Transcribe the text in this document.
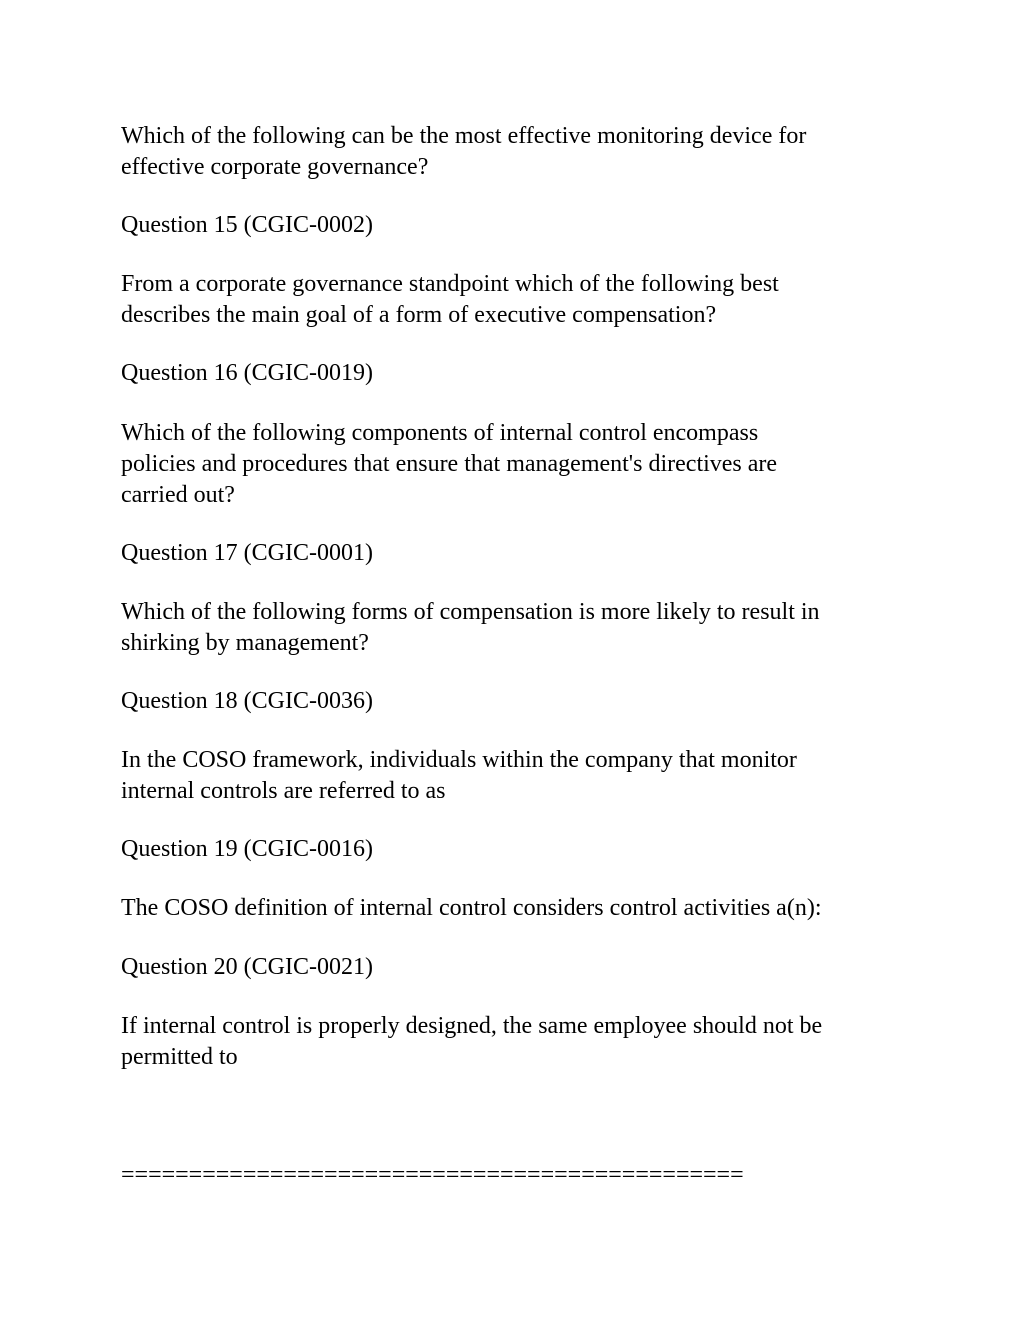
Which of the following can be the most effective monitoring device for

effective corporate governance?

Question 15 (CGIC-0002)

From a corporate governance standpoint which of the following best

describes the main goal of a form of executive compensation?

Question 16 (CGIC-0019)

Which of the following components of internal control encompass

policies and procedures that ensure that management's directives are

carried out?

Question 17 (CGIC-0001)

Which of the following forms of compensation is more likely to result in

shirking by management?

Question 18 (CGIC-0036)

In the COSO framework, individuals within the company that monitor

internal controls are referred to as

Question 19 (CGIC-0016)

The COSO definition of internal control considers control activities a(n):

Question 20 (CGIC-0021)

If internal control is properly designed, the same employee should not be

permitted to

==============================================
